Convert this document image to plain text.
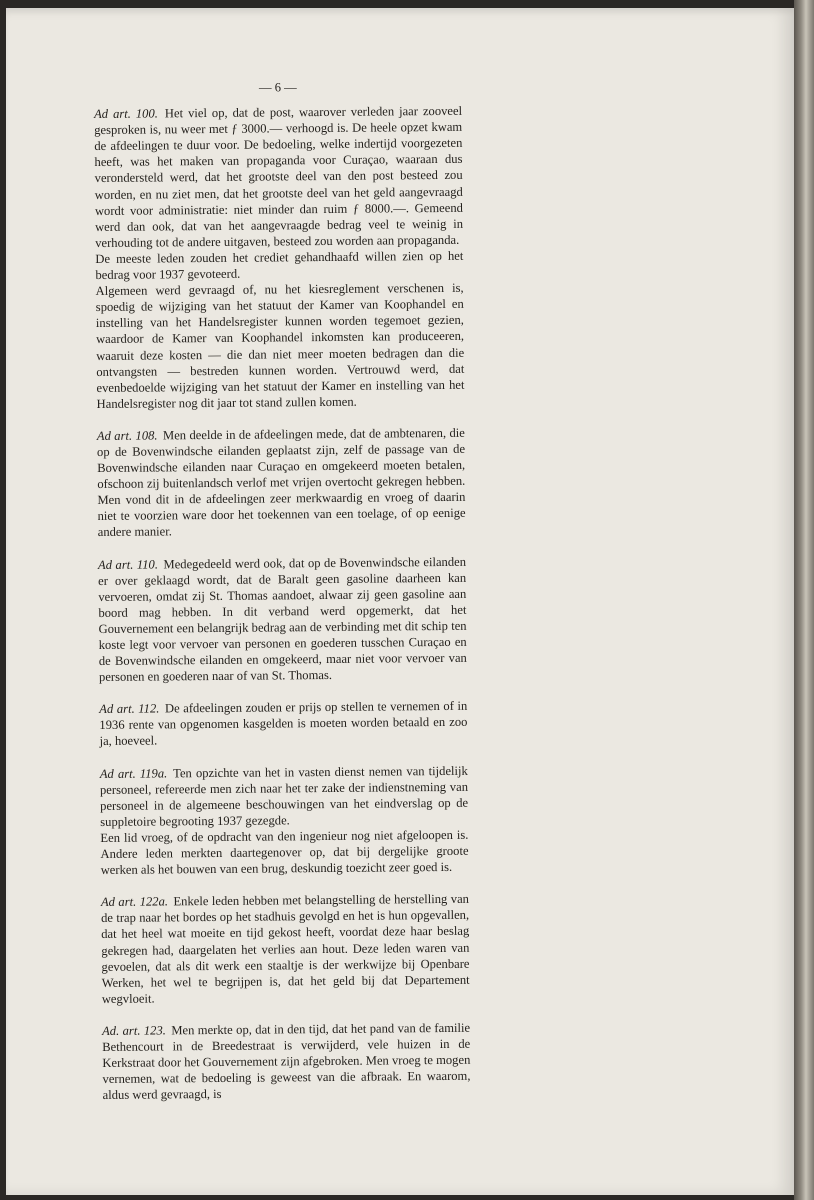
— 6 —

Ad art. 100. Het viel op, dat de post, waarover verleden jaar zooveel gesproken is, nu weer met ƒ 3000.— verhoogd is. De heele opzet kwam de afdeelingen te duur voor. De bedoeling, welke indertijd voorgezeten heeft, was het maken van propaganda voor Curaçao, waaraan dus verondersteld werd, dat het grootste deel van den post besteed zou worden, en nu ziet men, dat het grootste deel van het geld aangevraagd wordt voor administratie: niet minder dan ruim ƒ 8000.—. Gemeend werd dan ook, dat van het aangevraagde bedrag veel te weinig in verhouding tot de andere uitgaven, besteed zou worden aan propaganda.

De meeste leden zouden het crediet gehandhaafd willen zien op het bedrag voor 1937 gevoteerd.

Algemeen werd gevraagd of, nu het kiesreglement verschenen is, spoedig de wijziging van het statuut der Kamer van Koophandel en instelling van het Handelsregister kunnen worden tegemoet gezien, waardoor de Kamer van Koophandel inkomsten kan produceeren, waaruit deze kosten — die dan niet meer moeten bedragen dan die ontvangsten — bestreden kunnen worden. Vertrouwd werd, dat evenbedoelde wijziging van het statuut der Kamer en instelling van het Handelsregister nog dit jaar tot stand zullen komen.

Ad art. 108. Men deelde in de afdeelingen mede, dat de ambtenaren, die op de Bovenwindsche eilanden geplaatst zijn, zelf de passage van de Bovenwindsche eilanden naar Curaçao en omgekeerd moeten betalen, ofschoon zij buitenlandsch verlof met vrijen overtocht gekregen hebben. Men vond dit in de afdeelingen zeer merkwaardig en vroeg of daarin niet te voorzien ware door het toekennen van een toelage, of op eenige andere manier.

Ad art. 110. Medegedeeld werd ook, dat op de Bovenwindsche eilanden er over geklaagd wordt, dat de Baralt geen gasoline daarheen kan vervoeren, omdat zij St. Thomas aandoet, alwaar zij geen gasoline aan boord mag hebben. In dit verband werd opgemerkt, dat het Gouvernement een belangrijk bedrag aan de verbinding met dit schip ten koste legt voor vervoer van personen en goederen tusschen Curaçao en de Bovenwindsche eilanden en omgekeerd, maar niet voor vervoer van personen en goederen naar of van St. Thomas.

Ad art. 112. De afdeelingen zouden er prijs op stellen te vernemen of in 1936 rente van opgenomen kasgelden is moeten worden betaald en zoo ja, hoeveel.

Ad art. 119a. Ten opzichte van het in vasten dienst nemen van tijdelijk personeel, refereerde men zich naar het ter zake der indienstneming van personeel in de algemeene beschouwingen van het eindverslag op de suppletoire begrooting 1937 gezegde.

Een lid vroeg, of de opdracht van den ingenieur nog niet afgeloopen is. Andere leden merkten daartegenover op, dat bij dergelijke groote werken als het bouwen van een brug, deskundig toezicht zeer goed is.

Ad art. 122a. Enkele leden hebben met belangstelling de herstelling van de trap naar het bordes op het stadhuis gevolgd en het is hun opgevallen, dat het heel wat moeite en tijd gekost heeft, voordat deze haar beslag gekregen had, daargelaten het verlies aan hout. Deze leden waren van gevoelen, dat als dit werk een staaltje is der werkwijze bij Openbare Werken, het wel te begrijpen is, dat het geld bij dat Departement wegvloeit.

Ad. art. 123. Men merkte op, dat in den tijd, dat het pand van de familie Bethencourt in de Breedestraat is verwijderd, vele huizen in de Kerkstraat door het Gouvernement zijn afgebroken. Men vroeg te mogen vernemen, wat de bedoeling is geweest van die afbraak. En waarom, aldus werd gevraagd, is
